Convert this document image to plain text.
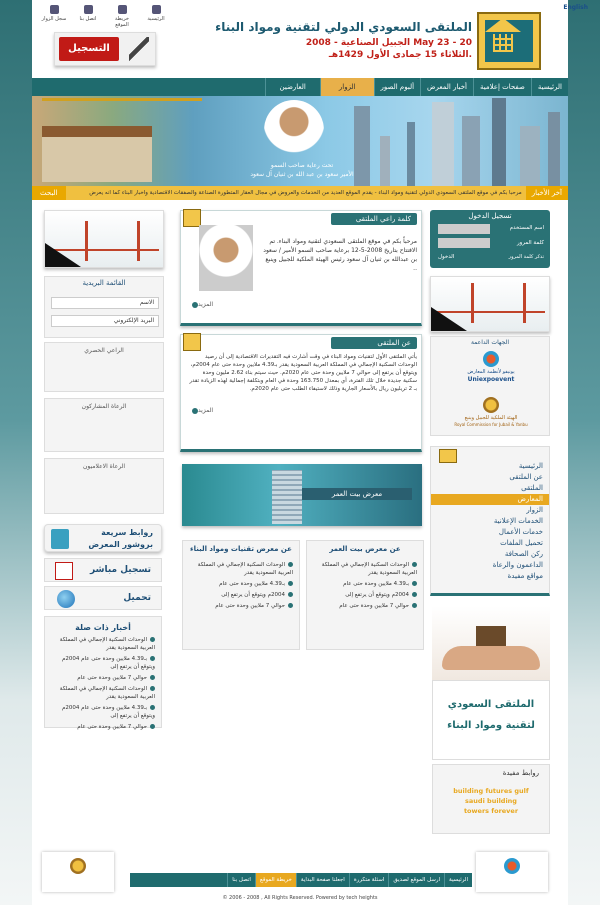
English
الملتقى السعودي الدولي لتقنية ومواد البناء
الجبيل الصناعية - 2008 May 23 - 20
الثلاثاء 15 جمادى الأول 1429هـ.
سجل الزوار	اتصل بنا	خريطة الموقع
الرئيسية
التسجيل
الرئيسية
صفحات إعلامية
أخبار المعرض
ألبوم الصور
الزوار
العارضين
تحت رعاية صاحب السمو
الأمير سعود بن عبد الله بن ثنيان آل سعود
آخر الأخبار
مرحباً بكم في موقع الملتقى السعودي الدولي لتقنية ومواد البناء - يقدم الموقع العديد من الخدمات والعروض في مجال العقار المتطورة الصناعة والصفقات الاقتصادية وأخبار البناء كما أنه يعرض
البحث
القائمة البريدية
الاسم
البريد الإلكتروني
الراعي الحصري
الرعاة المشاركون
الرعاة الاعلاميون
روابط سريعة
بروشور المعرض
تسجيل مباشر
تحميل
أخبار ذات صلة
الوحدات السكنية الإجمالي في المملكة العربية السعودية يقدر
بـ4.39 ملايين وحدة حتى عام 2004م ويتوقع أن يرتفع إلى
حوالي 7 ملايين وحدة حتى عام
الوحدات السكنية الإجمالي في المملكة العربية السعودية يقدر
بـ4.39 ملايين وحدة حتى عام 2004م ويتوقع أن يرتفع إلى
حوالي 7 ملايين وحدة حتى عام
كلمة راعي الملتقى
مرحباً بكم في موقع الملتقى السعودي لتقنية ومواد البناء. تم الافتتاح بتاريخ 2008-5-12 برعاية صاحب السمو الأمير / سعود بن عبدالله بن ثنيان آل سعود رئيس الهيئة الملكية للجبيل وينبع ..
المزيد
عن الملتقى
يأتي الملتقى الأول لتقنيات ومواد البناء في وقت أشارت فيه التقديرات الاقتصادية إلى أن رصيد الوحدات السكنية الإجمالي في المملكة العربية السعودية يقدر بـ4.39 ملايين وحدة حتى عام 2004م، ويتوقع أن يرتفع إلى حوالي 7 ملايين وحدة حتى عام 2020م. حيث سيتم بناء 2.62 مليون وحدة سكنية جديدة خلال تلك الفترة، أي بمعدل 163.750 وحدة في العام وبتكلفة إجمالية لهذه الزيادة تقدر بـ 2 تريليون ريال بالأسعار الجارية وذلك لاستيفاء الطلب حتى عام 2020م.
المزيد
معرض بيت العمر
عن معرض بيت العمر
الوحدات السكنية الإجمالي في المملكة العربية السعودية يقدر
بـ4.39 ملايين وحدة حتى عام
2004م ويتوقع أن يرتفع إلى
حوالي 7 ملايين وحدة حتى عام
عن معرض تقنيات ومواد البناء
الوحدات السكنية الإجمالي في المملكة العربية السعودية يقدر
بـ4.39 ملايين وحدة حتى عام
2004م ويتوقع أن يرتفع إلى
حوالي 7 ملايين وحدة حتى عام
تسجيل الدخول
اسم المستخدم
كلمة المرور
تذكر كلمة المرور
الدخول
الجهات الداعمة
يونيفو لأنظمة المعارض
Uniexpoevent
الهيئة الملكية للجبيل وينبع
Royal Commission for Jubail & Yanbu
الرئيسية
عن الملتقى
الملتقى
المعارض
الزوار
الخدمات الإعلانية
خدمات الأعمال
تحميل الملفات
ركن الصحافة
الداعمون والرعاة
مواقع مفيدة
الملتقى السعودي
لتقنية ومواد البناء
روابط مفيدة
building futures gulf
saudi building
towers forever
الرئيسية
ارسل الموقع لصديق
اسئلة متكررة
اجعلنا صفحة البداية
خريطة الموقع
اتصل بنا
© 2006 - 2008 , All Rights Reserved. Powered by tech heights
